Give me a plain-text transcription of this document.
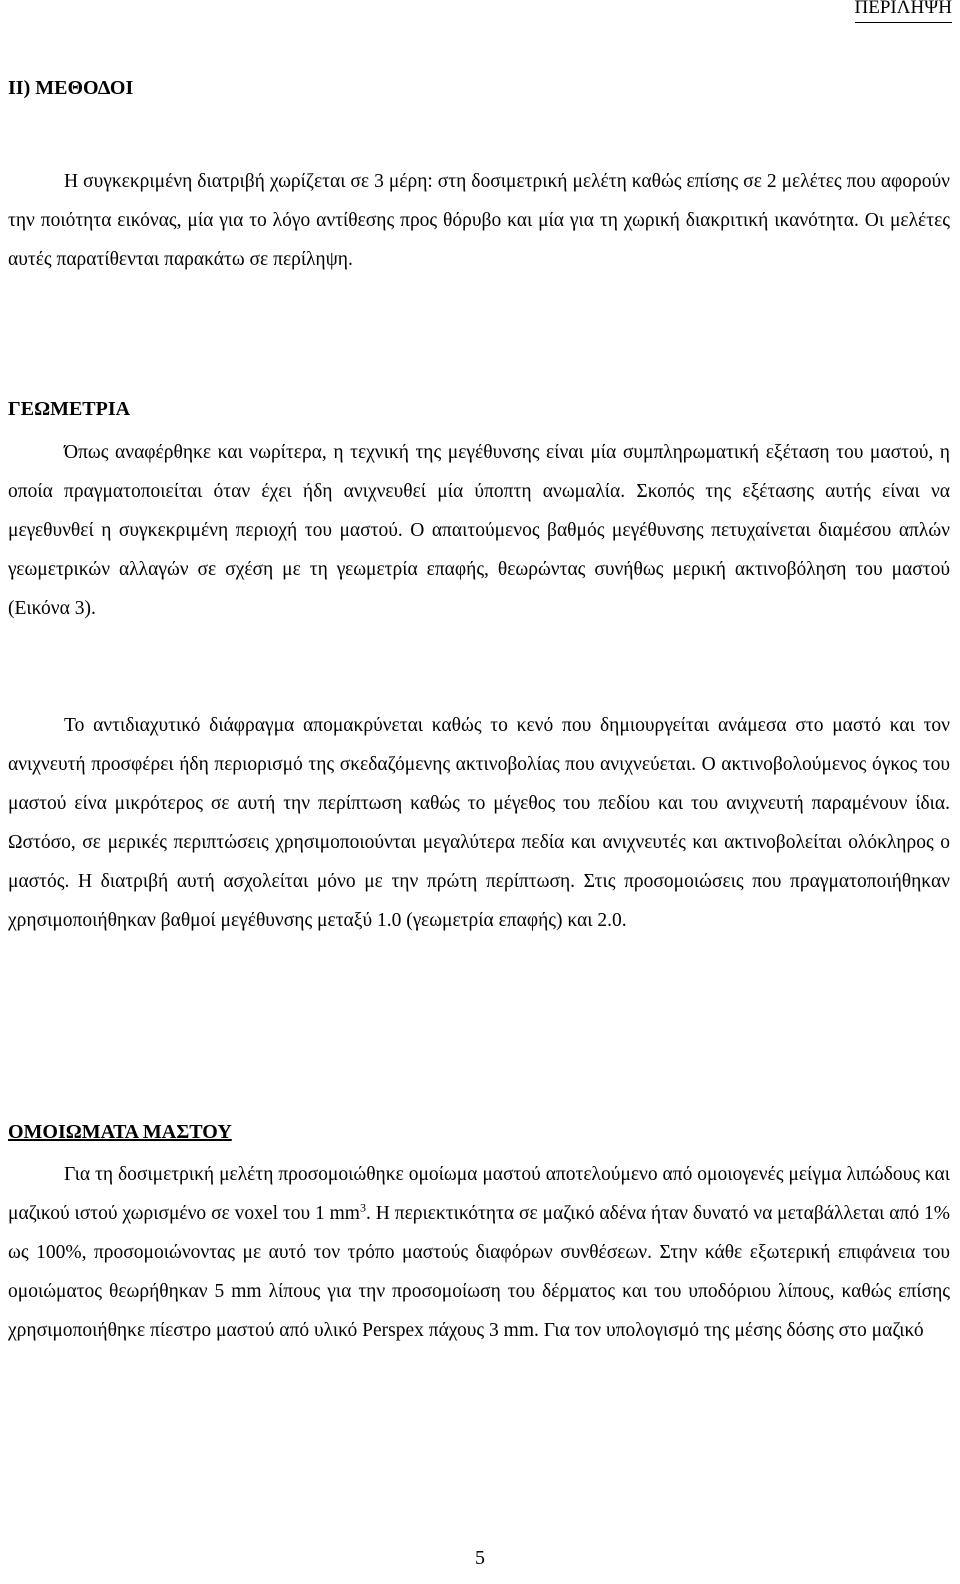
ΠΕΡΙΛΗΨΗ
II) ΜΕΘΟΔΟΙ

Η συγκεκριμένη διατριβή χωρίζεται σε 3 μέρη: στη δοσιμετρική μελέτη καθώς επίσης σε 2 μελέτες που αφορούν την ποιότητα εικόνας, μία για το λόγο αντίθεσης προς θόρυβο και μία για τη χωρική διακριτική ικανότητα. Οι μελέτες αυτές παρατίθενται παρακάτω σε περίληψη.

ΓΕΩΜΕΤΡΙΑ

Όπως αναφέρθηκε και νωρίτερα, η τεχνική της μεγέθυνσης είναι μία συμπληρωματική εξέταση του μαστού, η οποία πραγματοποιείται όταν έχει ήδη ανιχνευθεί μία ύποπτη ανωμαλία. Σκοπός της εξέτασης αυτής είναι να μεγεθυνθεί η συγκεκριμένη περιοχή του μαστού. Ο απαιτούμενος βαθμός μεγέθυνσης πετυχαίνεται διαμέσου απλών γεωμετρικών αλλαγών σε σχέση με τη γεωμετρία επαφής, θεωρώντας συνήθως μερική ακτινοβόληση του μαστού (Εικόνα 3).

Το αντιδιαχυτικό διάφραγμα απομακρύνεται καθώς το κενό που δημιουργείται ανάμεσα στο μαστό και τον ανιχνευτή προσφέρει ήδη περιορισμό της σκεδαζόμενης ακτινοβολίας που ανιχνεύεται. Ο ακτινοβολούμενος όγκος του μαστού είνα μικρότερος σε αυτή την περίπτωση καθώς το μέγεθος του πεδίου και του ανιχνευτή παραμένουν ίδια. Ωστόσο, σε μερικές περιπτώσεις χρησιμοποιούνται μεγαλύτερα πεδία και ανιχνευτές και ακτινοβολείται ολόκληρος ο μαστός. Η διατριβή αυτή ασχολείται μόνο με την πρώτη περίπτωση. Στις προσομοιώσεις που πραγματοποιήθηκαν χρησιμοποιήθηκαν βαθμοί μεγέθυνσης μεταξύ 1.0 (γεωμετρία επαφής) και 2.0.

ΟΜΟΙΩΜΑΤΑ ΜΑΣΤΟΥ

Για τη δοσιμετρική μελέτη προσομοιώθηκε ομοίωμα μαστού αποτελούμενο από ομοιογενές μείγμα λιπώδους και μαζικού ιστού χωρισμένο σε voxel του 1 $mm^3$. Η περιεκτικότητα σε μαζικό αδένα ήταν δυνατό να μεταβάλλεται από 1% ως 100%, προσομοιώνοντας με αυτό τον τρόπο μαστούς διαφόρων συνθέσεων. Στην κάθε εξωτερική επιφάνεια του ομοιώματος θεωρήθηκαν 5 mm λίπους για την προσομοίωση του δέρματος και του υποδόριου λίπους, καθώς επίσης χρησιμοποιήθηκε πίεστρο μαστού από υλικό Perspex πάχους 3 mm. Για τον υπολογισμό της μέσης δόσης στο μαζικό

5
